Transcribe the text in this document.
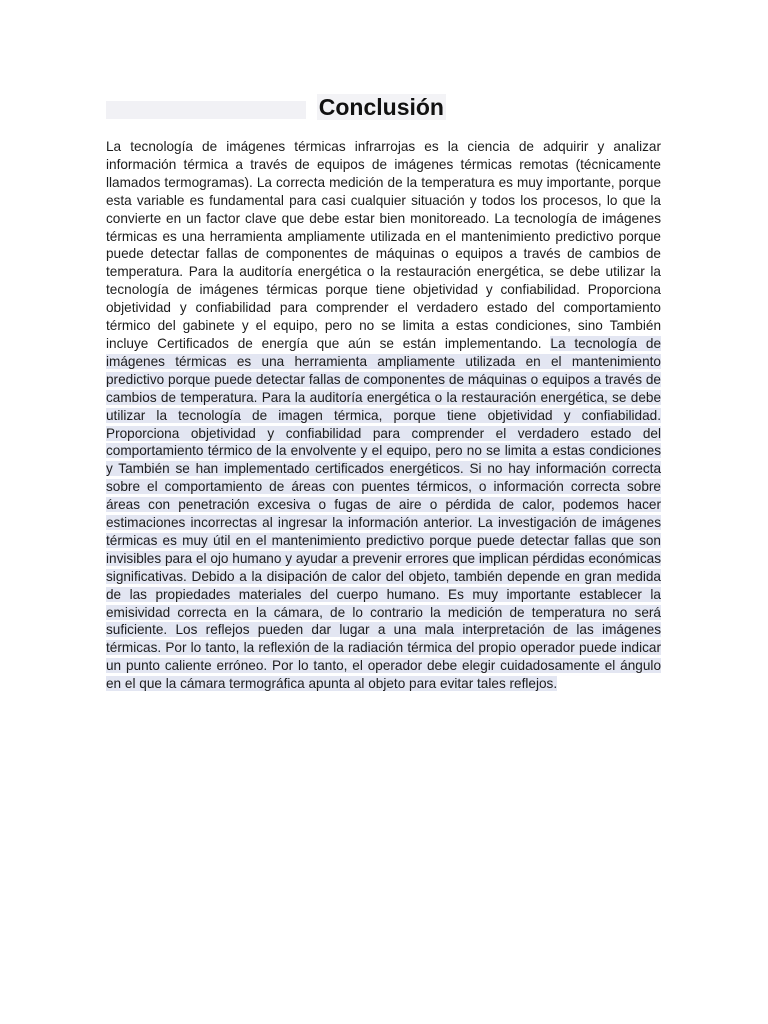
Conclusión

La tecnología de imágenes térmicas infrarrojas es la ciencia de adquirir y analizar información térmica a través de equipos de imágenes térmicas remotas (técnicamente llamados termogramas). La correcta medición de la temperatura es muy importante, porque esta variable es fundamental para casi cualquier situación y todos los procesos, lo que la convierte en un factor clave que debe estar bien monitoreado. La tecnología de imágenes térmicas es una herramienta ampliamente utilizada en el mantenimiento predictivo porque puede detectar fallas de componentes de máquinas o equipos a través de cambios de temperatura. Para la auditoría energética o la restauración energética, se debe utilizar la tecnología de imágenes térmicas porque tiene objetividad y confiabilidad. Proporciona objetividad y confiabilidad para comprender el verdadero estado del comportamiento térmico del gabinete y el equipo, pero no se limita a estas condiciones, sino También incluye Certificados de energía que aún se están implementando. La tecnología de imágenes térmicas es una herramienta ampliamente utilizada en el mantenimiento predictivo porque puede detectar fallas de componentes de máquinas o equipos a través de cambios de temperatura. Para la auditoría energética o la restauración energética, se debe utilizar la tecnología de imagen térmica, porque tiene objetividad y confiabilidad. Proporciona objetividad y confiabilidad para comprender el verdadero estado del comportamiento térmico de la envolvente y el equipo, pero no se limita a estas condiciones y También se han implementado certificados energéticos. Si no hay información correcta sobre el comportamiento de áreas con puentes térmicos, o información correcta sobre áreas con penetración excesiva o fugas de aire o pérdida de calor, podemos hacer estimaciones incorrectas al ingresar la información anterior. La investigación de imágenes térmicas es muy útil en el mantenimiento predictivo porque puede detectar fallas que son invisibles para el ojo humano y ayudar a prevenir errores que implican pérdidas económicas significativas. Debido a la disipación de calor del objeto, también depende en gran medida de las propiedades materiales del cuerpo humano. Es muy importante establecer la emisividad correcta en la cámara, de lo contrario la medición de temperatura no será suficiente. Los reflejos pueden dar lugar a una mala interpretación de las imágenes térmicas. Por lo tanto, la reflexión de la radiación térmica del propio operador puede indicar un punto caliente erróneo. Por lo tanto, el operador debe elegir cuidadosamente el ángulo en el que la cámara termográfica apunta al objeto para evitar tales reflejos.
